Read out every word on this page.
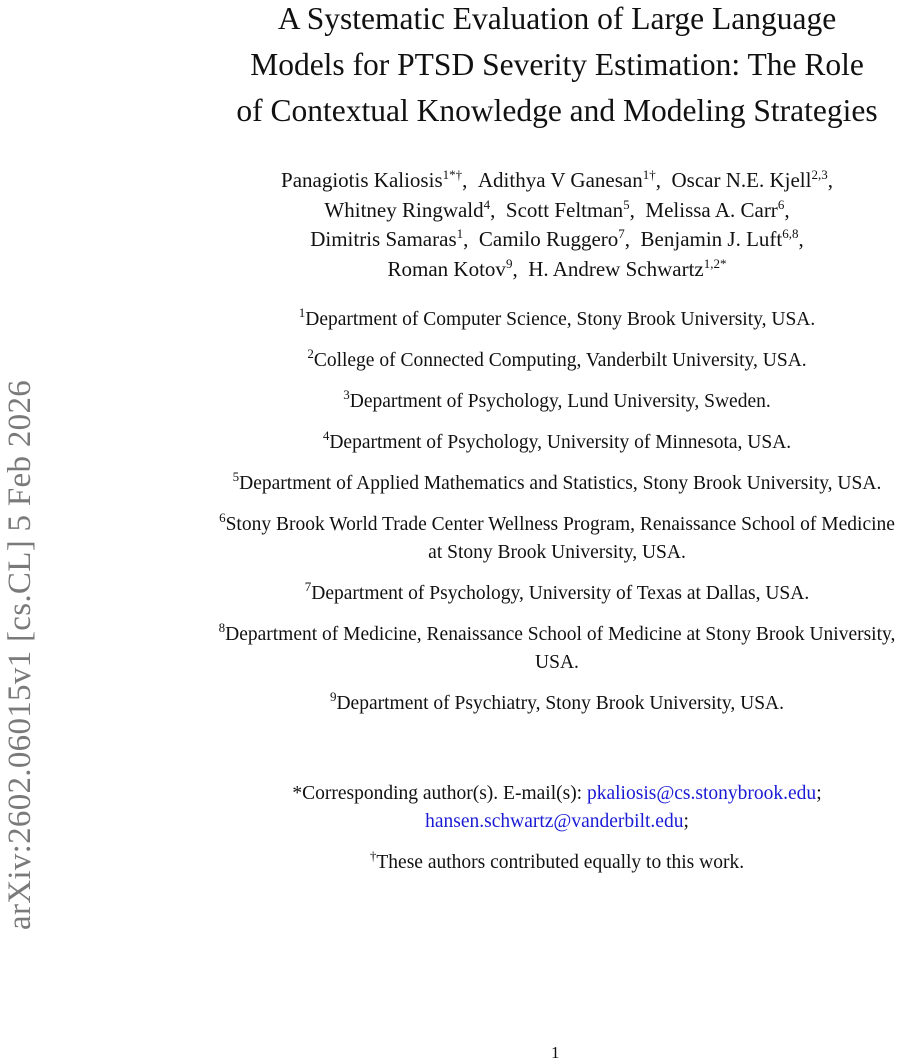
arXiv:2602.06015v1 [cs.CL] 5 Feb 2026
A Systematic Evaluation of Large Language
Models for PTSD Severity Estimation: The Role
of Contextual Knowledge and Modeling Strategies
Panagiotis Kaliosis$^{1*\dagger}$,  Adithya V Ganesan$^{1\dagger}$,  Oscar N.E. Kjell$^{2,3}$,
Whitney Ringwald$^4$,  Scott Feltman$^5$,  Melissa A. Carr$^6$,
Dimitris Samaras$^1$,  Camilo Ruggero$^7$,  Benjamin J. Luft$^{6,8}$,
Roman Kotov$^9$,  H. Andrew Schwartz$^{1,2*}$
$^1$Department of Computer Science, Stony Brook University, USA.
$^2$College of Connected Computing, Vanderbilt University, USA.
$^3$Department of Psychology, Lund University, Sweden.
$^4$Department of Psychology, University of Minnesota, USA.
$^5$Department of Applied Mathematics and Statistics, Stony Brook University, USA.
$^6$Stony Brook World Trade Center Wellness Program, Renaissance School of Medicine at Stony Brook University, USA.
$^7$Department of Psychology, University of Texas at Dallas, USA.
$^8$Department of Medicine, Renaissance School of Medicine at Stony Brook University, USA.
$^9$Department of Psychiatry, Stony Brook University, USA.
*Corresponding author(s). E-mail(s): pkaliosis@cs.stonybrook.edu;
hansen.schwartz@vanderbilt.edu;
†These authors contributed equally to this work.
1
